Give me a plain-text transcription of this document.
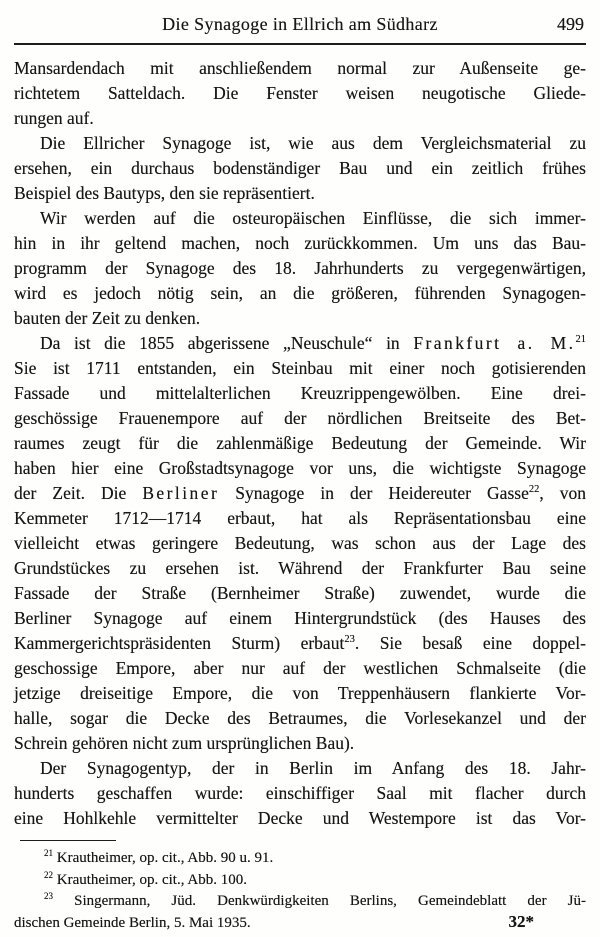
Die Synagoge in Ellrich am Südharz	499
Mansardendach mit anschließendem normal zur Außenseite ge-
richtetem Satteldach. Die Fenster weisen neugotische Gliede-
rungen auf.
Die Ellricher Synagoge ist, wie aus dem Vergleichsmaterial zu
ersehen, ein durchaus bodenständiger Bau und ein zeitlich frühes
Beispiel des Bautyps, den sie repräsentiert.
Wir werden auf die osteuropäischen Einflüsse, die sich immer-
hin in ihr geltend machen, noch zurückkommen. Um uns das Bau-
programm der Synagoge des 18. Jahrhunderts zu vergegenwärtigen,
wird es jedoch nötig sein, an die größeren, führenden Synagogen-
bauten der Zeit zu denken.
Da ist die 1855 abgerissene „Neuschule“ in Frankfurt a. M.$^{21}$
Sie ist 1711 entstanden, ein Steinbau mit einer noch gotisierenden
Fassade und mittelalterlichen Kreuzrippengewölben. Eine drei-
geschössige Frauenempore auf der nördlichen Breitseite des Bet-
raumes zeugt für die zahlenmäßige Bedeutung der Gemeinde. Wir
haben hier eine Großstadtsynagoge vor uns, die wichtigste Synagoge
der Zeit. Die Berliner Synagoge in der Heidereuter Gasse$^{22}$, von
Kemmeter 1712—1714 erbaut, hat als Repräsentationsbau eine
vielleicht etwas geringere Bedeutung, was schon aus der Lage des
Grundstückes zu ersehen ist. Während der Frankfurter Bau seine
Fassade der Straße (Bernheimer Straße) zuwendet, wurde die
Berliner Synagoge auf einem Hintergrundstück (des Hauses des
Kammergerichtspräsidenten Sturm) erbaut$^{23}$. Sie besaß eine doppel-
geschossige Empore, aber nur auf der westlichen Schmalseite (die
jetzige dreiseitige Empore, die von Treppenhäusern flankierte Vor-
halle, sogar die Decke des Betraumes, die Vorlesekanzel und der
Schrein gehören nicht zum ursprünglichen Bau).
Der Synagogentyp, der in Berlin im Anfang des 18. Jahr-
hunderts geschaffen wurde: einschiffiger Saal mit flacher durch
eine Hohlkehle vermittelter Decke und Westempore ist das Vor-
$^{21}$ Krautheimer, op. cit., Abb. 90 u. 91.
$^{22}$ Krautheimer, op. cit., Abb. 100.
$^{23}$ Singermann, Jüd. Denkwürdigkeiten Berlins, Gemeindeblatt der Jü-
dischen Gemeinde Berlin, 5. Mai 1935.	32*
